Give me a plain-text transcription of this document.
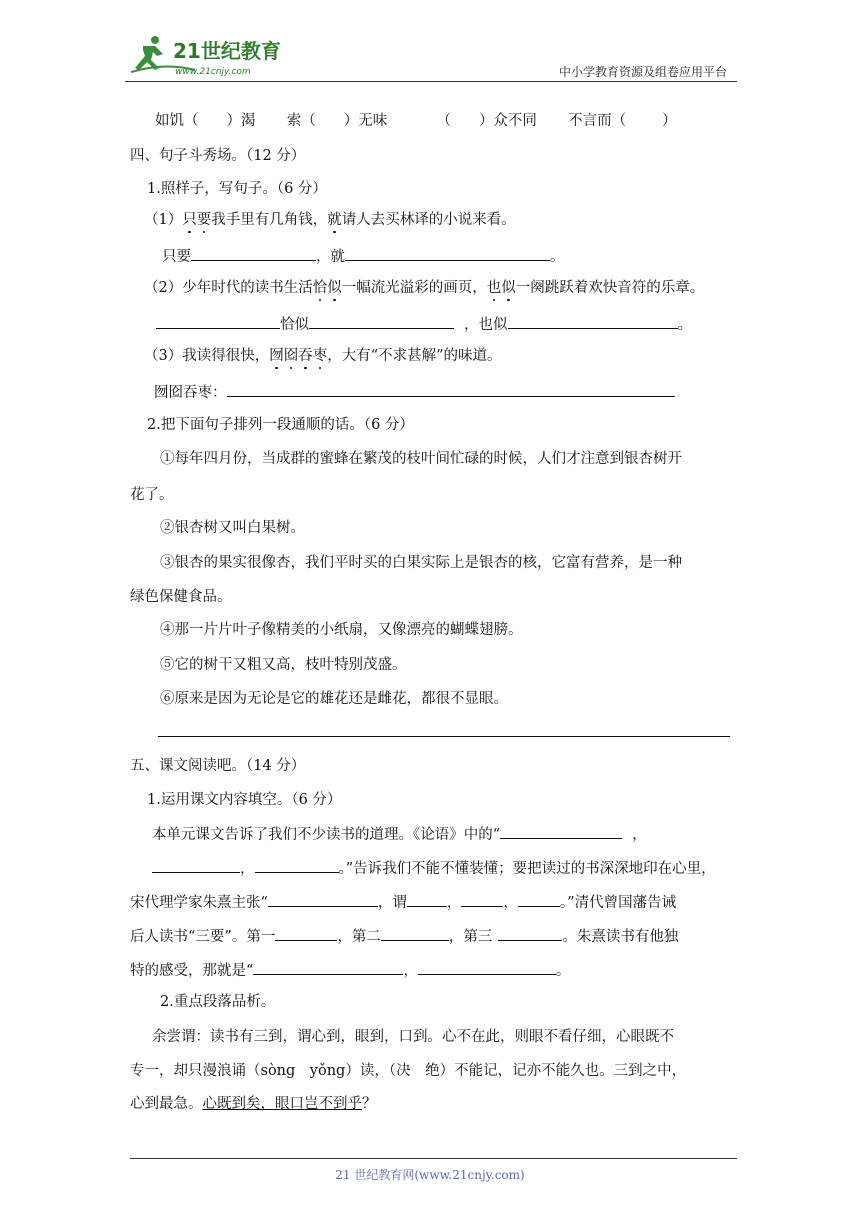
21世纪教育
www.21cnjy.com	中小学教育资源及组卷应用平台
如饥（ ）渴 索（ ）无味	（ ）众不同 不言而（ ）
四、句子斗秀场。（12 分）
1.照样子，写句子。（6 分）
（1）只要我手里有几角钱，就请人去买林译的小说来看。
只要	，就	。
（2）少年时代的读书生活恰似一幅流光溢彩的画页，也似一阕跳跃着欢快音符的乐章。
恰似	，也似	。
（3）我读得很快，囫囵吞枣，大有“不求甚解”的味道。
囫囵吞枣：
2.把下面句子排列一段通顺的话。（6 分）
①每年四月份，当成群的蜜蜂在繁茂的枝叶间忙碌的时候，人们才注意到银杏树开
花了。
②银杏树又叫白果树。
③银杏的果实很像杏，我们平时买的白果实际上是银杏的核，它富有营养，是一种
绿色保健食品。
④那一片片叶子像精美的小纸扇，又像漂亮的蝴蝶翅膀。
⑤它的树干又粗又高，枝叶特别茂盛。
⑥原来是因为无论是它的雄花还是雌花，都很不显眼。
五、课文阅读吧。（14 分）
1.运用课文内容填空。（6 分）
本单元课文告诉了我们不少读书的道理。《论语》中的“	，
，	。”告诉我们不能不懂装懂；要把读过的书深深地印在心里，
宋代理学家朱熹主张“	，谓	，	，	。”清代曾国藩告诫
后人读书“三要”。第一	，第二	，第三	。朱熹读书有他独
特的感受，那就是“	，	。
2.重点段落品析。
余尝谓：读书有三到，谓心到，眼到，口到。心不在此，则眼不看仔细，心眼既不
专一，却只漫浪诵（sòng　yǒng）读，（决　绝）不能记，记亦不能久也。三到之中，
心到最急。心既到矣，眼口岂不到乎？
21 世纪教育网(www.21cnjy.com)
